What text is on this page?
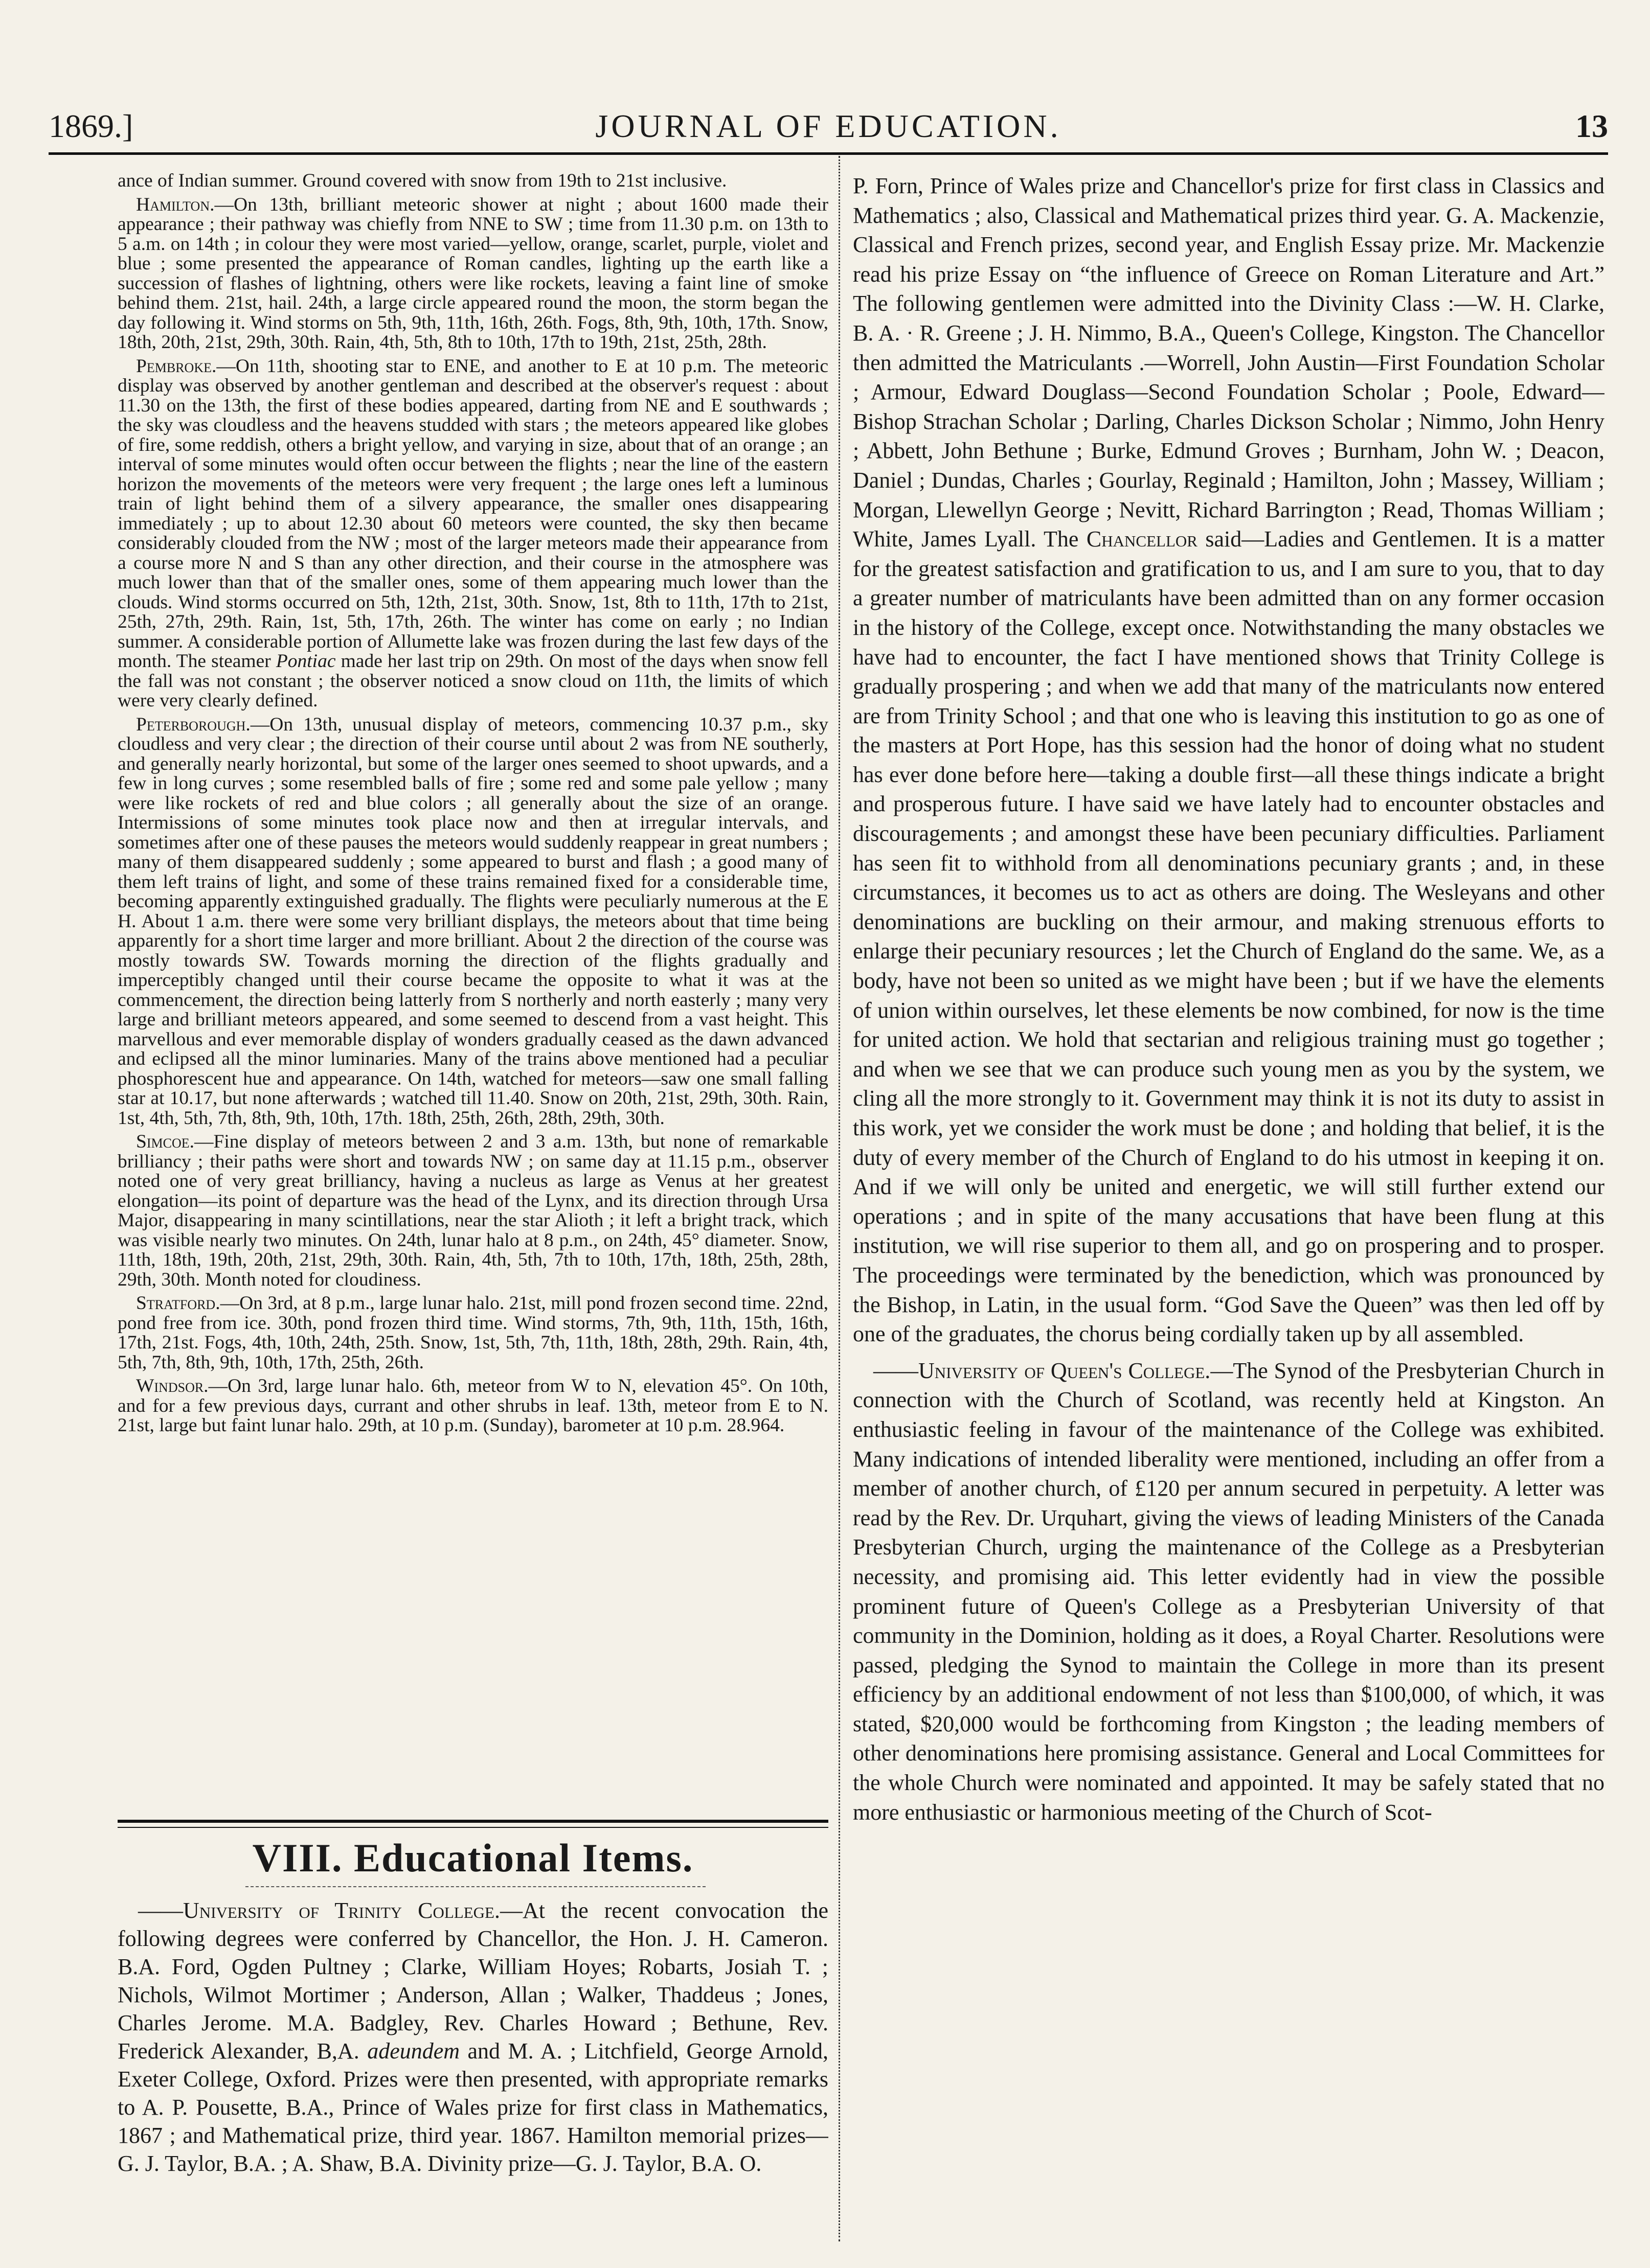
1869.]	JOURNAL OF EDUCATION.	13

ance of Indian summer. Ground covered with snow from 19th to 21st inclusive.

Hamilton.—On 13th, brilliant meteoric shower at night ; about 1600 made their appearance ; their pathway was chiefly from NNE to SW ; time from 11.30 p.m. on 13th to 5 a.m. on 14th ; in colour they were most varied—yellow, orange, scarlet, purple, violet and blue ; some presented the appearance of Roman candles, lighting up the earth like a succession of flashes of lightning, others were like rockets, leaving a faint line of smoke behind them. 21st, hail. 24th, a large circle appeared round the moon, the storm began the day following it. Wind storms on 5th, 9th, 11th, 16th, 26th. Fogs, 8th, 9th, 10th, 17th. Snow, 18th, 20th, 21st, 29th, 30th. Rain, 4th, 5th, 8th to 10th, 17th to 19th, 21st, 25th, 28th.

Pembroke.—On 11th, shooting star to ENE, and another to E at 10 p.m. The meteoric display was observed by another gentleman and described at the observer's request : about 11.30 on the 13th, the first of these bodies appeared, darting from NE and E southwards ; the sky was cloudless and the heavens studded with stars ; the meteors appeared like globes of fire, some reddish, others a bright yellow, and varying in size, about that of an orange ; an interval of some minutes would often occur between the flights ; near the line of the eastern horizon the movements of the meteors were very frequent ; the large ones left a luminous train of light behind them of a silvery appearance, the smaller ones disappearing immediately ; up to about 12.30 about 60 meteors were counted, the sky then became considerably clouded from the NW ; most of the larger meteors made their appearance from a course more N and S than any other direction, and their course in the atmosphere was much lower than that of the smaller ones, some of them appearing much lower than the clouds. Wind storms occurred on 5th, 12th, 21st, 30th. Snow, 1st, 8th to 11th, 17th to 21st, 25th, 27th, 29th. Rain, 1st, 5th, 17th, 26th. The winter has come on early ; no Indian summer. A considerable portion of Allumette lake was frozen during the last few days of the month. The steamer Pontiac made her last trip on 29th. On most of the days when snow fell the fall was not constant ; the observer noticed a snow cloud on 11th, the limits of which were very clearly defined.

Peterborough.—On 13th, unusual display of meteors, commencing 10.37 p.m., sky cloudless and very clear ; the direction of their course until about 2 was from NE southerly, and generally nearly horizontal, but some of the larger ones seemed to shoot upwards, and a few in long curves ; some resembled balls of fire ; some red and some pale yellow ; many were like rockets of red and blue colors ; all generally about the size of an orange. Intermissions of some minutes took place now and then at irregular intervals, and sometimes after one of these pauses the meteors would suddenly reappear in great numbers ; many of them disappeared suddenly ; some appeared to burst and flash ; a good many of them left trains of light, and some of these trains remained fixed for a considerable time, becoming apparently extinguished gradually. The flights were peculiarly numerous at the E H. About 1 a.m. there were some very brilliant displays, the meteors about that time being apparently for a short time larger and more brilliant. About 2 the direction of the course was mostly towards SW. Towards morning the direction of the flights gradually and imperceptibly changed until their course became the opposite to what it was at the commencement, the direction being latterly from S northerly and north easterly ; many very large and brilliant meteors appeared, and some seemed to descend from a vast height. This marvellous and ever memorable display of wonders gradually ceased as the dawn advanced and eclipsed all the minor luminaries. Many of the trains above mentioned had a peculiar phosphorescent hue and appearance. On 14th, watched for meteors—saw one small falling star at 10.17, but none afterwards ; watched till 11.40. Snow on 20th, 21st, 29th, 30th. Rain, 1st, 4th, 5th, 7th, 8th, 9th, 10th, 17th. 18th, 25th, 26th, 28th, 29th, 30th.

Simcoe.—Fine display of meteors between 2 and 3 a.m. 13th, but none of remarkable brilliancy ; their paths were short and towards NW ; on same day at 11.15 p.m., observer noted one of very great brilliancy, having a nucleus as large as Venus at her greatest elongation—its point of departure was the head of the Lynx, and its direction through Ursa Major, disappearing in many scintillations, near the star Alioth ; it left a bright track, which was visible nearly two minutes. On 24th, lunar halo at 8 p.m., on 24th, 45° diameter. Snow, 11th, 18th, 19th, 20th, 21st, 29th, 30th. Rain, 4th, 5th, 7th to 10th, 17th, 18th, 25th, 28th, 29th, 30th. Month noted for cloudiness.

Stratford.—On 3rd, at 8 p.m., large lunar halo. 21st, mill pond frozen second time. 22nd, pond free from ice. 30th, pond frozen third time. Wind storms, 7th, 9th, 11th, 15th, 16th, 17th, 21st. Fogs, 4th, 10th, 24th, 25th. Snow, 1st, 5th, 7th, 11th, 18th, 28th, 29th. Rain, 4th, 5th, 7th, 8th, 9th, 10th, 17th, 25th, 26th.

Windsor.—On 3rd, large lunar halo. 6th, meteor from W to N, elevation 45°. On 10th, and for a few previous days, currant and other shrubs in leaf. 13th, meteor from E to N. 21st, large but faint lunar halo. 29th, at 10 p.m. (Sunday), barometer at 10 p.m. 28.964.

VIII. Educational Items.

——University of Trinity College.—At the recent convocation the following degrees were conferred by Chancellor, the Hon. J. H. Cameron. B.A. Ford, Ogden Pultney ; Clarke, William Hoyes; Robarts, Josiah T. ; Nichols, Wilmot Mortimer ; Anderson, Allan ; Walker, Thaddeus ; Jones, Charles Jerome. M.A. Badgley, Rev. Charles Howard ; Bethune, Rev. Frederick Alexander, B,A. adeundem and M. A. ; Litchfield, George Arnold, Exeter College, Oxford. Prizes were then presented, with appropriate remarks to A. P. Pousette, B.A., Prince of Wales prize for first class in Mathematics, 1867 ; and Mathematical prize, third year. 1867. Hamilton memorial prizes—G. J. Taylor, B.A. ; A. Shaw, B.A. Divinity prize—G. J. Taylor, B.A. O.

P. Forn, Prince of Wales prize and Chancellor's prize for first class in Classics and Mathematics ; also, Classical and Mathematical prizes third year. G. A. Mackenzie, Classical and French prizes, second year, and English Essay prize. Mr. Mackenzie read his prize Essay on “the influence of Greece on Roman Literature and Art.” The following gentlemen were admitted into the Divinity Class :—W. H. Clarke, B. A. · R. Greene ; J. H. Nimmo, B.A., Queen's College, Kingston. The Chancellor then admitted the Matriculants .—Worrell, John Austin—First Foundation Scholar ; Armour, Edward Douglass—Second Foundation Scholar ; Poole, Edward—Bishop Strachan Scholar ; Darling, Charles Dickson Scholar ; Nimmo, John Henry ; Abbett, John Bethune ; Burke, Edmund Groves ; Burnham, John W. ; Deacon, Daniel ; Dundas, Charles ; Gourlay, Reginald ; Hamilton, John ; Massey, William ; Morgan, Llewellyn George ; Nevitt, Richard Barrington ; Read, Thomas William ; White, James Lyall. The Chancellor said—Ladies and Gentlemen. It is a matter for the greatest satisfaction and gratification to us, and I am sure to you, that to day a greater number of matriculants have been admitted than on any former occasion in the history of the College, except once. Notwithstanding the many obstacles we have had to encounter, the fact I have mentioned shows that Trinity College is gradually prospering ; and when we add that many of the matriculants now entered are from Trinity School ; and that one who is leaving this institution to go as one of the masters at Port Hope, has this session had the honor of doing what no student has ever done before here—taking a double first—all these things indicate a bright and prosperous future. I have said we have lately had to encounter obstacles and discouragements ; and amongst these have been pecuniary difficulties. Parliament has seen fit to withhold from all denominations pecuniary grants ; and, in these circumstances, it becomes us to act as others are doing. The Wesleyans and other denominations are buckling on their armour, and making strenuous efforts to enlarge their pecuniary resources ; let the Church of England do the same. We, as a body, have not been so united as we might have been ; but if we have the elements of union within ourselves, let these elements be now combined, for now is the time for united action. We hold that sectarian and religious training must go together ; and when we see that we can produce such young men as you by the system, we cling all the more strongly to it. Government may think it is not its duty to assist in this work, yet we consider the work must be done ; and holding that belief, it is the duty of every member of the Church of England to do his utmost in keeping it on. And if we will only be united and energetic, we will still further extend our operations ; and in spite of the many accusations that have been flung at this institution, we will rise superior to them all, and go on prospering and to prosper. The proceedings were terminated by the benediction, which was pronounced by the Bishop, in Latin, in the usual form. “God Save the Queen” was then led off by one of the graduates, the chorus being cordially taken up by all assembled.

——University of Queen's College.—The Synod of the Presbyterian Church in connection with the Church of Scotland, was recently held at Kingston. An enthusiastic feeling in favour of the maintenance of the College was exhibited. Many indications of intended liberality were mentioned, including an offer from a member of another church, of £120 per annum secured in perpetuity. A letter was read by the Rev. Dr. Urquhart, giving the views of leading Ministers of the Canada Presbyterian Church, urging the maintenance of the College as a Presbyterian necessity, and promising aid. This letter evidently had in view the possible prominent future of Queen's College as a Presbyterian University of that community in the Dominion, holding as it does, a Royal Charter. Resolutions were passed, pledging the Synod to maintain the College in more than its present efficiency by an additional endowment of not less than $100,000, of which, it was stated, $20,000 would be forthcoming from Kingston ; the leading members of other denominations here promising assistance. General and Local Committees for the whole Church were nominated and appointed. It may be safely stated that no more enthusiastic or harmonious meeting of the Church of Scot-
